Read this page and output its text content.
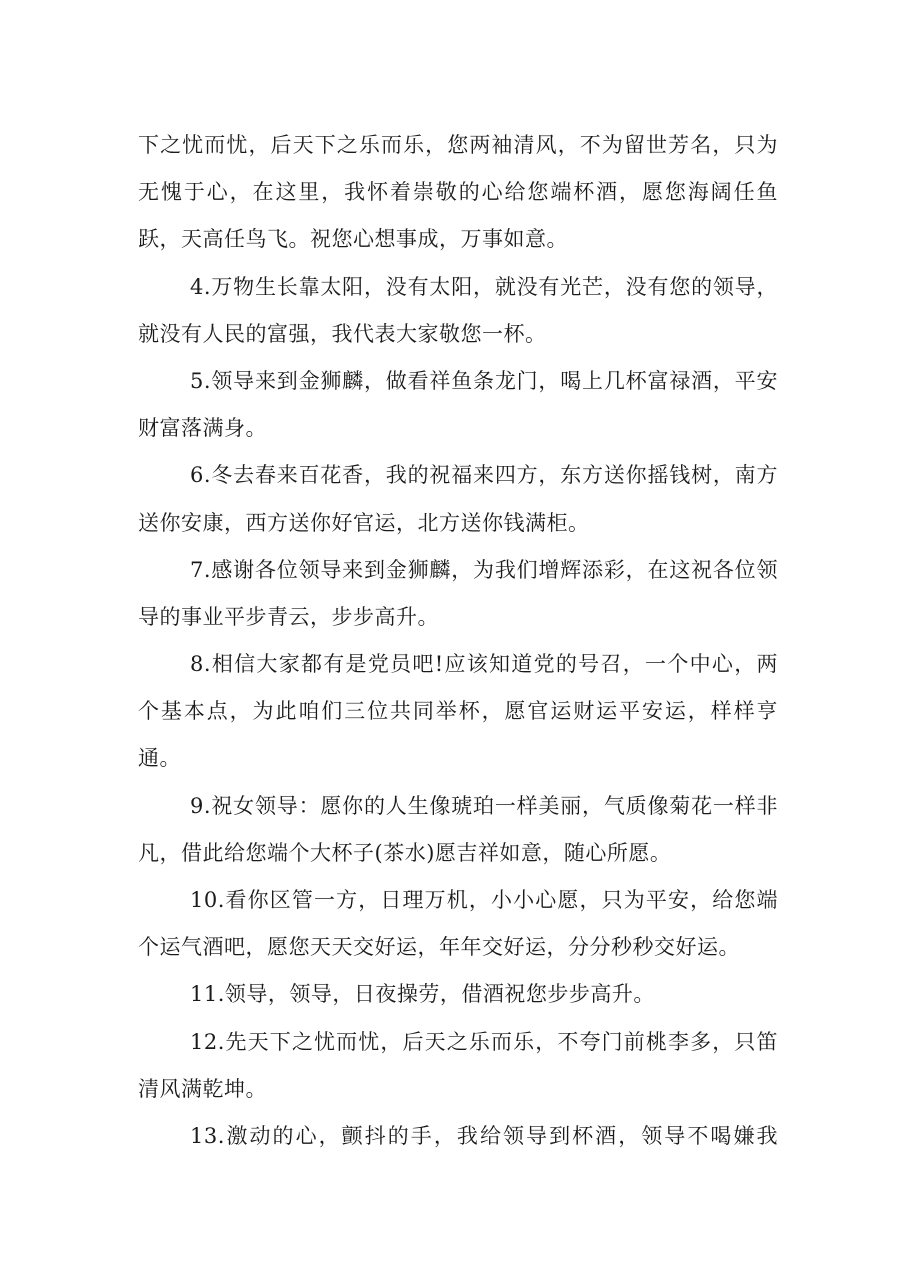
下之忧而忧，后天下之乐而乐，您两袖清风，不为留世芳名，只为
无愧于心，在这里，我怀着崇敬的心给您端杯酒，愿您海阔任鱼
跃，天高任鸟飞。祝您心想事成，万事如意。
4.万物生长靠太阳，没有太阳，就没有光芒，没有您的领导，
就没有人民的富强，我代表大家敬您一杯。
5.领导来到金狮麟，做看祥鱼条龙门，喝上几杯富禄酒，平安
财富落满身。
6.冬去春来百花香，我的祝福来四方，东方送你摇钱树，南方
送你安康，西方送你好官运，北方送你钱满柜。
7.感谢各位领导来到金狮麟，为我们增辉添彩，在这祝各位领
导的事业平步青云，步步高升。
8.相信大家都有是党员吧!应该知道党的号召，一个中心，两
个基本点，为此咱们三位共同举杯，愿官运财运平安运，样样亨
通。
9.祝女领导：愿你的人生像琥珀一样美丽，气质像菊花一样非
凡，借此给您端个大杯子(茶水)愿吉祥如意，随心所愿。
10.看你区管一方，日理万机，小小心愿，只为平安，给您端
个运气酒吧，愿您天天交好运，年年交好运，分分秒秒交好运。
11.领导，领导，日夜操劳，借酒祝您步步高升。
12.先天下之忧而忧，后天之乐而乐，不夸门前桃李多，只笛
清风满乾坤。
13.激动的心，颤抖的手，我给领导到杯酒，领导不喝嫌我
